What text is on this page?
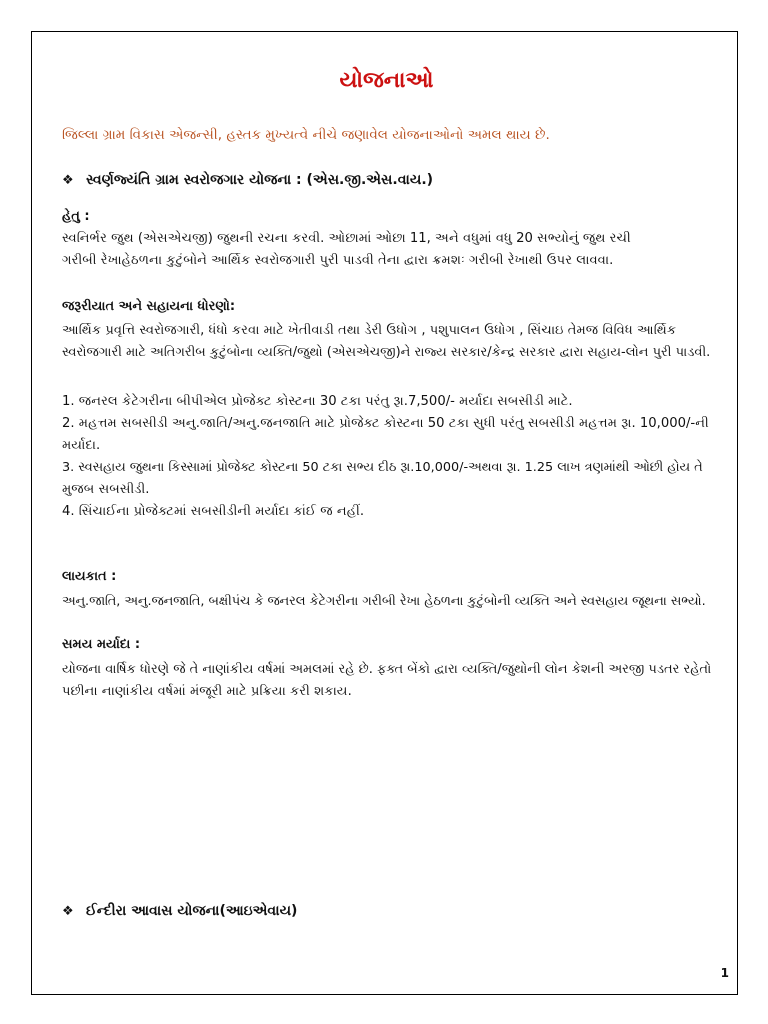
યોજનાઓ
જિલ્લા ગ્રામ વિકાસ એજન્સી, હસ્તક મુખ્યત્વે નીચે જણાવેલ યોજનાઓનો અમલ થાય છે.
❖ સ્વર્ણજ્યંતિ ગ્રામ સ્વરોજગાર યોજના : (એસ.જી.એસ.વાય.)
હેતુ :
સ્વનિર્ભર જુથ (એસએચજી) જુથની રચના કરવી. ઓછામાં ઓછા 11, અને વધુમાં વધુ 20 સભ્યોનું જુથ રચી
ગરીબી રેખાહેઠળના કુટુંબોને આર્થિક સ્વરોજગારી પુરી પાડવી તેના દ્વારા ક્રમશઃ ગરીબી રેખાથી ઉપર લાવવા.
જરૂરીયાત અને સહાયના ધોરણો:
આર્થિક પ્રવૃત્તિ સ્વરોજગારી, ધંધો કરવા માટે ખેતીવાડી તથા ડેરી ઉધોગ , પશુપાલન ઉધોગ , સિંચાઇ તેમજ વિવિધ આર્થિક
સ્વરોજગારી માટે અતિગરીબ કુટુંબોના વ્યક્તિ/જુથો (એસએચજી)ને રાજ્ય સરકાર/કેન્દ્ર સરકાર દ્વારા સહાય-લોન પુરી પાડવી.
1. જનરલ કેટેગરીના બીપીએલ પ્રોજેક્ટ કોસ્ટના 30 ટકા પરંતુ રૂા.7,500/- મર્યાદા સબસીડી માટે.
2. મહત્તમ સબસીડી અનુ.જાતિ/અનુ.જનજાતિ માટે પ્રોજેક્ટ કોસ્ટના 50 ટકા સુધી પરંતુ સબસીડી મહત્તમ રૂા. 10,000/-ની
મર્યાદા.
3. સ્વસહાય જુથના કિસ્સામાં પ્રોજેક્ટ કોસ્ટના 50 ટકા સભ્ય દીઠ રૂા.10,000/-અથવા રૂા. 1.25 લાખ ત્રણમાંથી ઓછી હોય તે
મુજબ સબસીડી.
4. સિંચાઈના પ્રોજેક્ટમાં સબસીડીની મર્યાદા કાંઈ જ નહીં.
લાયકાત :
અનુ.જાતિ, અનુ.જનજાતિ, બક્ષીપંચ કે જનરલ કેટેગરીના ગરીબી રેખા હેઠળના કુટુંબોની વ્યક્તિ અને સ્વસહાય જૂથના સભ્યો.
સમય મર્યાદા :
યોજના વાર્ષિક ધોરણે જે તે નાણાંકીય વર્ષમાં અમલમાં રહે છે. ફક્ત બેંકો દ્વારા વ્યક્તિ/જુથોની લોન કેશની અરજી પડતર રહેતો
પછીના નાણાંકીય વર્ષમાં મંજૂરી માટે પ્રક્રિયા કરી શકાય.
❖ ઈન્દીરા આવાસ યોજના(આઇએવાય)
1
